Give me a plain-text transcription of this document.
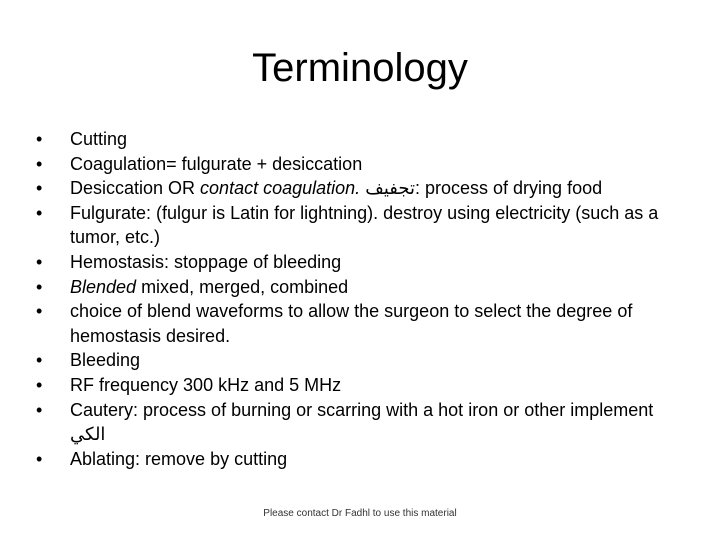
Terminology
•
Cutting
•
Coagulation= fulgurate + desiccation
•
Desiccation OR contact coagulation. تجفيف: process of drying food
•
Fulgurate: (fulgur is Latin for lightning). destroy using electricity (such as a tumor, etc.)
•
Hemostasis: stoppage of bleeding
•
Blended mixed, merged, combined
•
choice of blend waveforms to allow the surgeon to select the degree of hemostasis desired.
•
Bleeding
•
RF frequency 300 kHz and 5 MHz
•
Cautery: process of burning or scarring with a hot iron or other implement الكي
•
Ablating: remove by cutting
Please contact Dr Fadhl to use this material
